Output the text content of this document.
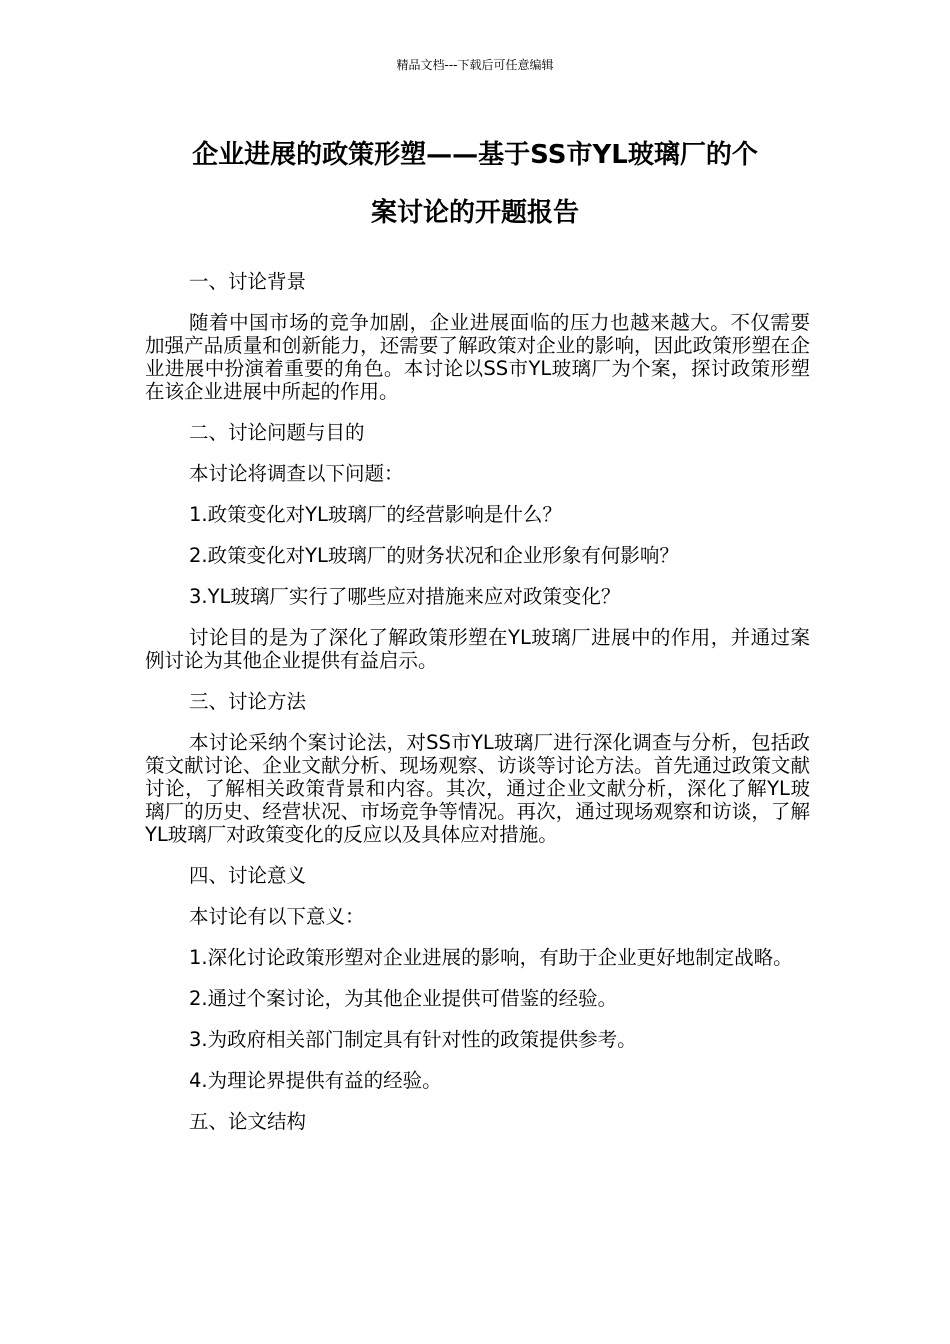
精品文档---下载后可任意编辑
企业进展的政策形塑——基于SS市YL玻璃厂的个
案讨论的开题报告

一、讨论背景

随着中国市场的竞争加剧，企业进展面临的压力也越来越大。不仅需要加强产品质量和创新能力，还需要了解政策对企业的影响，因此政策形塑在企业进展中扮演着重要的角色。本讨论以SS市YL玻璃厂为个案，探讨政策形塑在该企业进展中所起的作用。

二、讨论问题与目的

本讨论将调查以下问题：

1.政策变化对YL玻璃厂的经营影响是什么？

2.政策变化对YL玻璃厂的财务状况和企业形象有何影响？

3.YL玻璃厂实行了哪些应对措施来应对政策变化？

讨论目的是为了深化了解政策形塑在YL玻璃厂进展中的作用，并通过案例讨论为其他企业提供有益启示。

三、讨论方法

本讨论采纳个案讨论法，对SS市YL玻璃厂进行深化调查与分析，包括政策文献讨论、企业文献分析、现场观察、访谈等讨论方法。首先通过政策文献讨论，了解相关政策背景和内容。其次，通过企业文献分析，深化了解YL玻璃厂的历史、经营状况、市场竞争等情况。再次，通过现场观察和访谈，了解YL玻璃厂对政策变化的反应以及具体应对措施。

四、讨论意义

本讨论有以下意义：

1.深化讨论政策形塑对企业进展的影响，有助于企业更好地制定战略。

2.通过个案讨论，为其他企业提供可借鉴的经验。

3.为政府相关部门制定具有针对性的政策提供参考。

4.为理论界提供有益的经验。

五、论文结构
